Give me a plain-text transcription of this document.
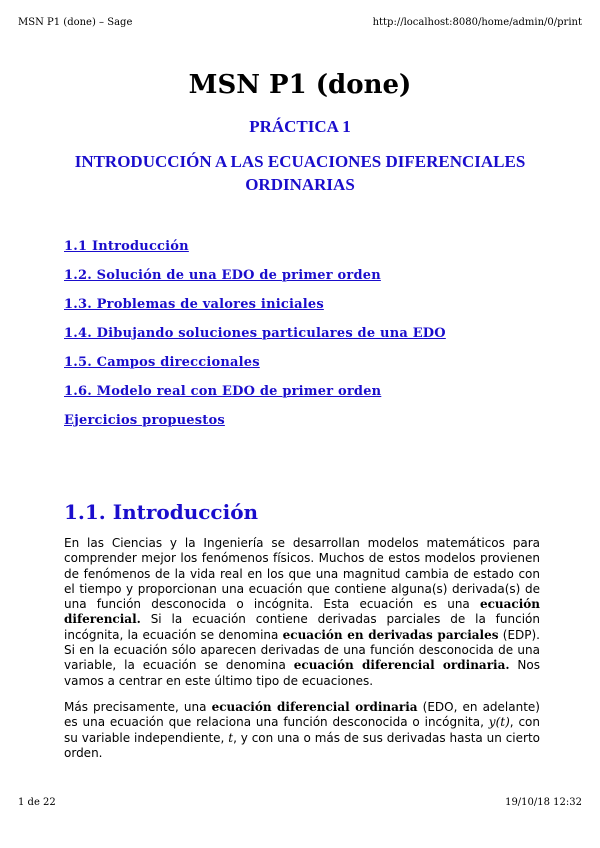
MSN P1 (done) – Sage	http://localhost:8080/home/admin/0/print
MSN P1 (done)
PRÁCTICA 1
INTRODUCCIÓN A LAS ECUACIONES DIFERENCIALES ORDINARIAS
1.1 Introducción
1.2. Solución de una EDO de primer orden
1.3. Problemas de valores iniciales
1.4. Dibujando soluciones particulares de una EDO
1.5. Campos direccionales
1.6. Modelo real con EDO de primer orden
Ejercicios propuestos
1.1. Introducción
En las Ciencias y la Ingeniería se desarrollan modelos matemáticos para comprender mejor los fenómenos físicos. Muchos de estos modelos provienen de fenómenos de la vida real en los que una magnitud cambia de estado con el tiempo y proporcionan una ecuación que contiene alguna(s) derivada(s) de una función desconocida o incógnita. Esta ecuación es una ecuación diferencial. Si la ecuación contiene derivadas parciales de la función incógnita, la ecuación se denomina ecuación en derivadas parciales (EDP). Si en la ecuación sólo aparecen derivadas de una función desconocida de una variable, la ecuación se denomina ecuación diferencial ordinaria. Nos vamos a centrar en este último tipo de ecuaciones.
Más precisamente, una ecuación diferencial ordinaria (EDO, en adelante) es una ecuación que relaciona una función desconocida o incógnita, y(t), con su variable independiente, t, y con una o más de sus derivadas hasta un cierto orden.
1 de 22	19/10/18 12:32
